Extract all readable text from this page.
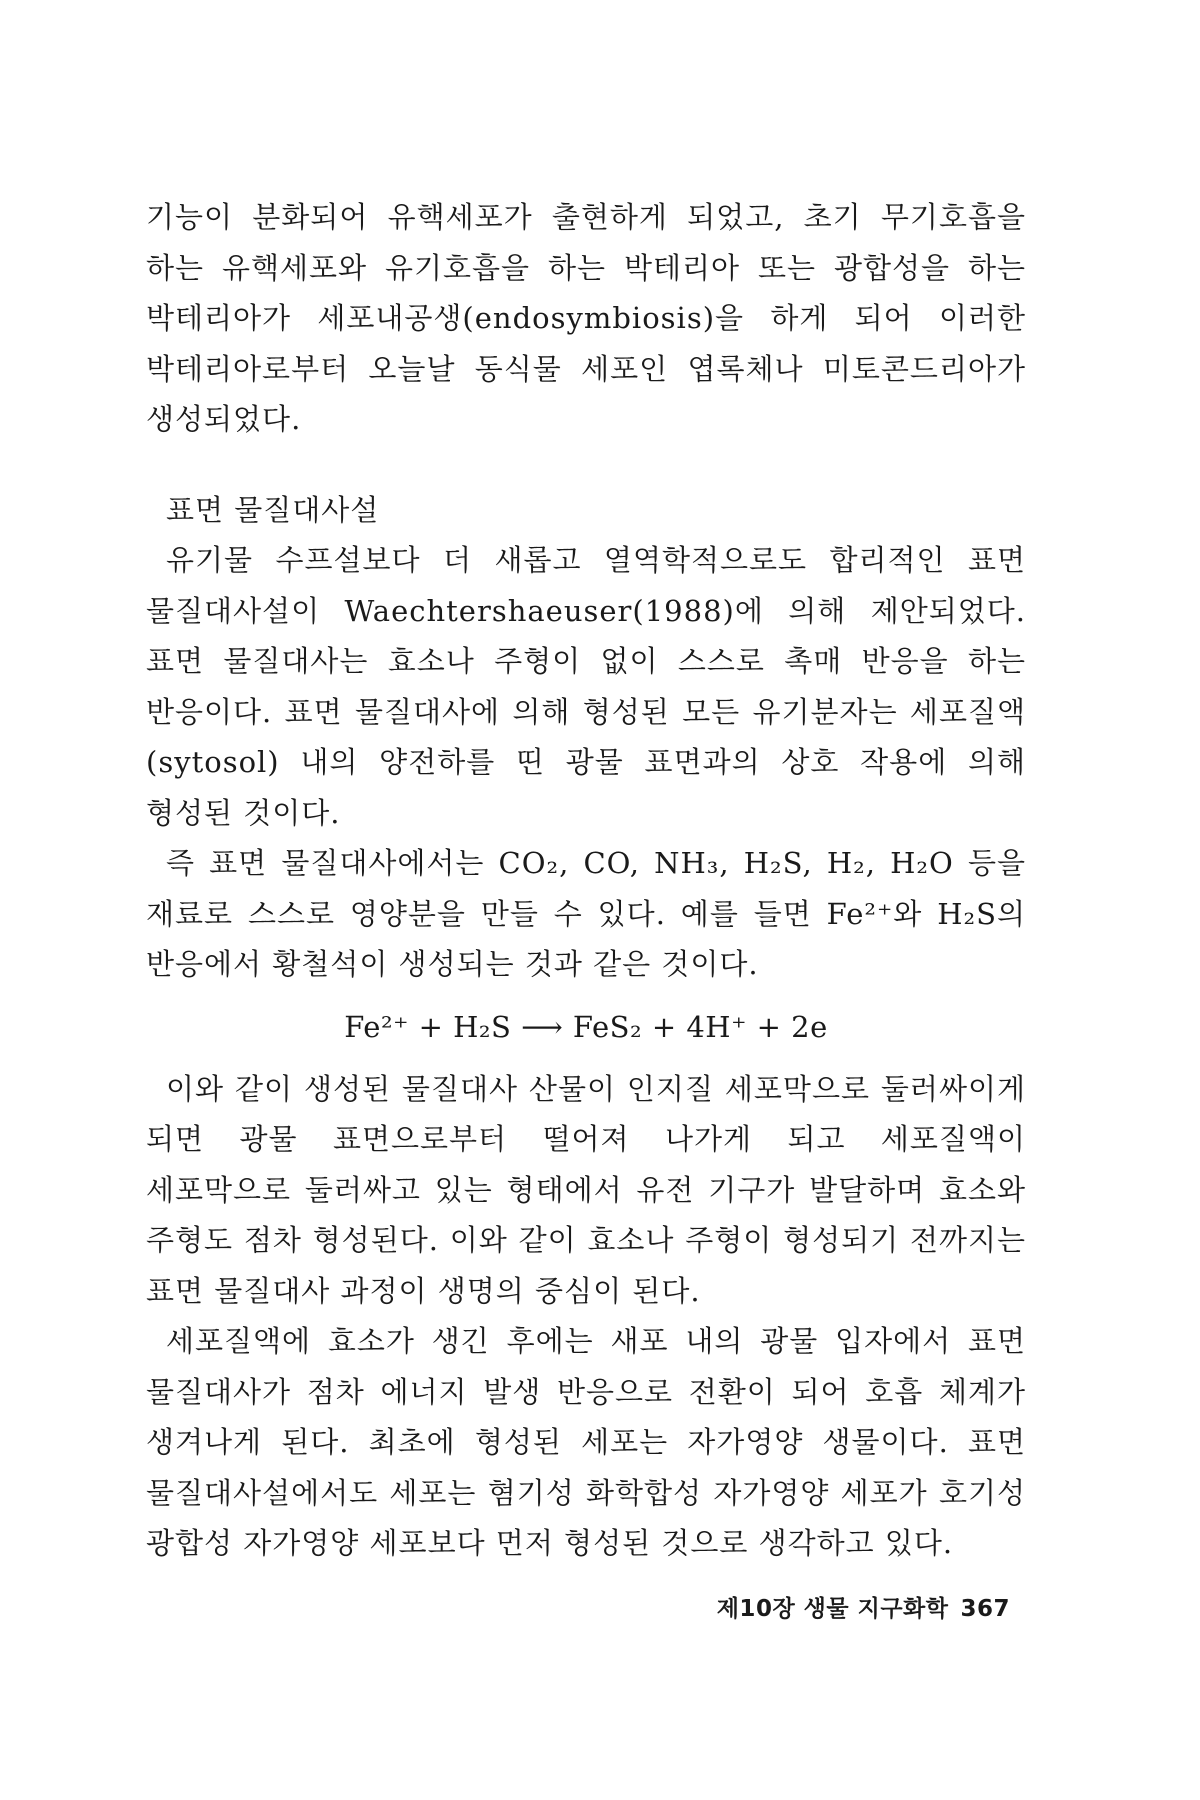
기능이 분화되어 유핵세포가 출현하게 되었고, 초기 무기호흡을 하는 유핵세포와 유기호흡을 하는 박테리아 또는 광합성을 하는 박테리아가 세포내공생(endosymbiosis)을 하게 되어 이러한 박테리아로부터 오늘날 동식물 세포인 엽록체나 미토콘드리아가 생성되었다.

표면 물질대사설

유기물 수프설보다 더 새롭고 열역학적으로도 합리적인 표면 물질대사설이 Waechtershaeuser(1988)에 의해 제안되었다. 표면 물질대사는 효소나 주형이 없이 스스로 촉매 반응을 하는 반응이다. 표면 물질대사에 의해 형성된 모든 유기분자는 세포질액(sytosol) 내의 양전하를 띤 광물 표면과의 상호 작용에 의해 형성된 것이다.

즉 표면 물질대사에서는 CO₂, CO, NH₃, H₂S, H₂, H₂O 등을 재료로 스스로 영양분을 만들 수 있다. 예를 들면 Fe²⁺와 H₂S의 반응에서 황철석이 생성되는 것과 같은 것이다.

Fe²⁺ + H₂S ⟶ FeS₂ + 4H⁺ + 2e

이와 같이 생성된 물질대사 산물이 인지질 세포막으로 둘러싸이게 되면 광물 표면으로부터 떨어져 나가게 되고 세포질액이 세포막으로 둘러싸고 있는 형태에서 유전 기구가 발달하며 효소와 주형도 점차 형성된다. 이와 같이 효소나 주형이 형성되기 전까지는 표면 물질대사 과정이 생명의 중심이 된다.

세포질액에 효소가 생긴 후에는 새포 내의 광물 입자에서 표면 물질대사가 점차 에너지 발생 반응으로 전환이 되어 호흡 체계가 생겨나게 된다. 최초에 형성된 세포는 자가영양 생물이다. 표면 물질대사설에서도 세포는 혐기성 화학합성 자가영양 세포가 호기성 광합성 자가영양 세포보다 먼저 형성된 것으로 생각하고 있다.

제10장 생물 지구화학 367
